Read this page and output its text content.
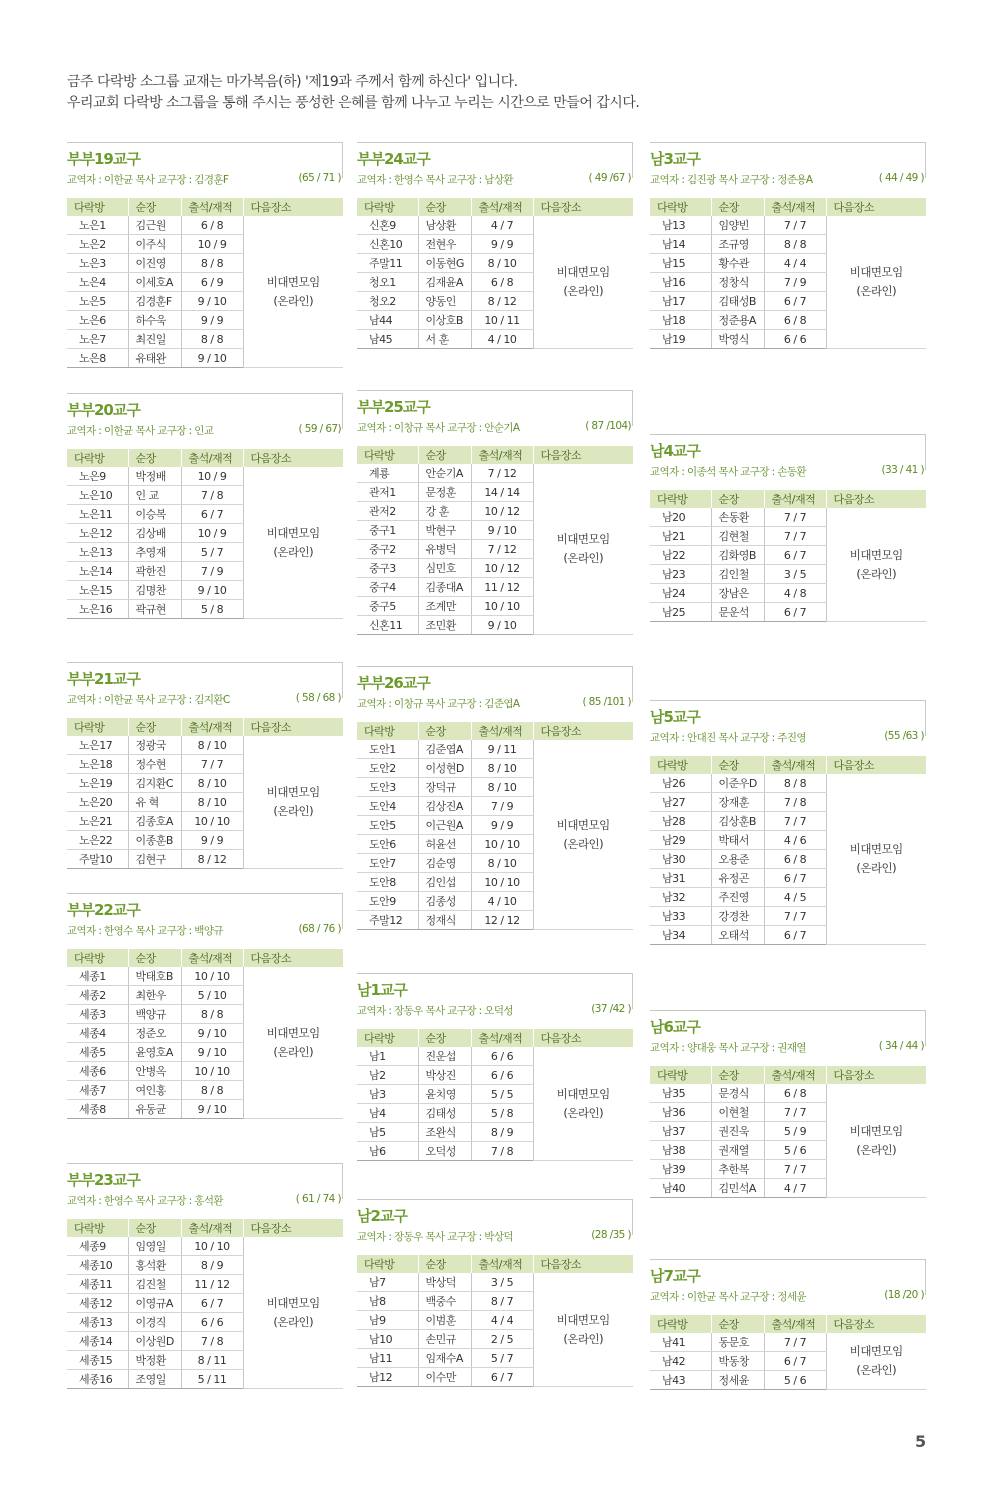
금주 다락방 소그룹 교재는 마가복음(하) '제19과 주께서 함께 하신다' 입니다.
우리교회 다락방 소그룹을 통해 주시는 풍성한 은혜를 함께 나누고 누리는 시간으로 만들어 갑시다.
부부19교구
교역자 : 이한균 목사 교구장 : 김경훈F	(65 / 71 )
다락방	순장	출석/재적	다음장소
노은1	김근원	6 / 8	비대면모임
(온라인)

노은2	이주식	10 / 9	
노은3	이진영	8 / 8	
노은4	이세호A	6 / 9	
노은5	김경훈F	9 / 10	
노은6	하수욱	9 / 9	
노은7	최진일	8 / 8	
노은8	유태완	9 / 10	
부부20교구
교역자 : 이한균 목사 교구장 : 인교	( 59 / 67)
다락방	순장	출석/재적	다음장소
노은9	박정배	10 / 9	비대면모임
(온라인)

노은10	인 교	7 / 8	
노은11	이승복	6 / 7	
노은12	김상배	10 / 9	
노은13	추영재	5 / 7	
노은14	곽한진	7 / 9	
노은15	김명찬	9 / 10	
노은16	곽규현	5 / 8	
부부21교구
교역자 : 이한균 목사 교구장 : 김지환C	( 58 / 68 )
다락방	순장	출석/재적	다음장소
노은17	정광국	8 / 10	비대면모임
(온라인)

노은18	정수현	7 / 7	
노은19	김지환C	8 / 10	
노은20	유 혁	8 / 10	
노은21	김종호A	10 / 10	
노은22	이종훈B	9 / 9	
주말10	김현구	8 / 12	
부부22교구
교역자 : 한영수 목사 교구장 : 백양규	(68 / 76 )
다락방	순장	출석/재적	다음장소
세종1	박태호B	10 / 10	비대면모임
(온라인)

세종2	최한우	5 / 10	
세종3	백양규	8 / 8	
세종4	정준오	9 / 10	
세종5	윤영호A	9 / 10	
세종6	안병옥	10 / 10	
세종7	여인홍	8 / 8	
세종8	유동균	9 / 10	
부부23교구
교역자 : 한영수 목사 교구장 : 홍석환	( 61 / 74 )
다락방	순장	출석/재적	다음장소
세종9	임영일	10 / 10	비대면모임
(온라인)

세종10	홍석환	8 / 9	
세종11	김진철	11 / 12	
세종12	이영규A	6 / 7	
세종13	이경직	6 / 6	
세종14	이상원D	7 / 8	
세종15	박정환	8 / 11	
세종16	조영일	5 / 11	
부부24교구
교역자 : 한영수 목사 교구장 : 남상환	( 49 /67 )
다락방	순장	출석/재적	다음장소
신혼9	남상환	4 / 7	비대면모임
(온라인)

신혼10	전현우	9 / 9	
주말11	이동현G	8 / 10	
청오1	김재윤A	6 / 8	
청오2	양동인	8 / 12	
남44	이상호B	10 / 11	
남45	서 훈	4 / 10	
부부25교구
교역자 : 이창규 목사 교구장 : 안순기A	( 87 /104)
다락방	순장	출석/재적	다음장소
계룡	안순기A	7 / 12	비대면모임
(온라인)

관저1	문정훈	14 / 14	
관저2	강 훈	10 / 12	
중구1	박현구	9 / 10	
중구2	유병덕	7 / 12	
중구3	심민호	10 / 12	
중구4	김종대A	11 / 12	
중구5	조계만	10 / 10	
신혼11	조민환	9 / 10	
부부26교구
교역자 : 이창규 목사 교구장 : 김준엽A	( 85 /101 )
다락방	순장	출석/재적	다음장소
도안1	김준엽A	9 / 11	비대면모임
(온라인)

도안2	이성현D	8 / 10	
도안3	장덕규	8 / 10	
도안4	김상진A	7 / 9	
도안5	이근원A	9 / 9	
도안6	허윤선	10 / 10	
도안7	김순영	8 / 10	
도안8	김인섭	10 / 10	
도안9	김종성	4 / 10	
주말12	정재식	12 / 12	
남1교구
교역자 : 장동우 목사 교구장 : 오덕성	(37 /42 )
다락방	순장	출석/재적	다음장소
남1	진운섭	6 / 6	비대면모임
(온라인)

남2	박상진	6 / 6	
남3	윤치영	5 / 5	
남4	김태성	5 / 8	
남5	조완식	8 / 9	
남6	오덕성	7 / 8	
남2교구
교역자 : 장동우 목사 교구장 : 박상덕	(28 /35 )
다락방	순장	출석/재적	다음장소
남7	박상덕	3 / 5	비대면모임
(온라인)

남8	백중수	8 / 7	
남9	이범훈	4 / 4	
남10	손민규	2 / 5	
남11	임재수A	5 / 7	
남12	이수만	6 / 7	
남3교구
교역자 : 김진광 목사 교구장 : 정준용A	( 44 / 49 )
다락방	순장	출석/재적	다음장소
남13	임양빈	7 / 7	비대면모임
(온라인)

남14	조규영	8 / 8	
남15	황수관	4 / 4	
남16	정창식	7 / 9	
남17	김태성B	6 / 7	
남18	정준용A	6 / 8	
남19	박영식	6 / 6	
남4교구
교역자 : 이종석 목사 교구장 : 손동환	(33 / 41 )
다락방	순장	출석/재적	다음장소
남20	손동환	7 / 7	비대면모임
(온라인)

남21	김현철	7 / 7	
남22	김화영B	6 / 7	
남23	김인철	3 / 5	
남24	장남은	4 / 8	
남25	문운석	6 / 7	
남5교구
교역자 : 안대진 목사 교구장 : 주진영	(55 /63 )
다락방	순장	출석/재적	다음장소
남26	이준우D	8 / 8	비대면모임
(온라인)

남27	장재훈	7 / 8	
남28	김상훈B	7 / 7	
남29	박태서	4 / 6	
남30	오용준	6 / 8	
남31	유정곤	6 / 7	
남32	주진영	4 / 5	
남33	강경찬	7 / 7	
남34	오태석	6 / 7	
남6교구
교역자 : 양대웅 목사 교구장 : 권재열	( 34 / 44 )
다락방	순장	출석/재적	다음장소
남35	문경식	6 / 8	비대면모임
(온라인)

남36	이현철	7 / 7	
남37	권진욱	5 / 9	
남38	권재열	5 / 6	
남39	추한복	7 / 7	
남40	김민석A	4 / 7	
남7교구
교역자 : 이한균 목사 교구장 : 정세윤	(18 /20 )
다락방	순장	출석/재적	다음장소
남41	동문호	7 / 7	비대면모임
(온라인)

남42	박동창	6 / 7	
남43	정세윤	5 / 6	
5
